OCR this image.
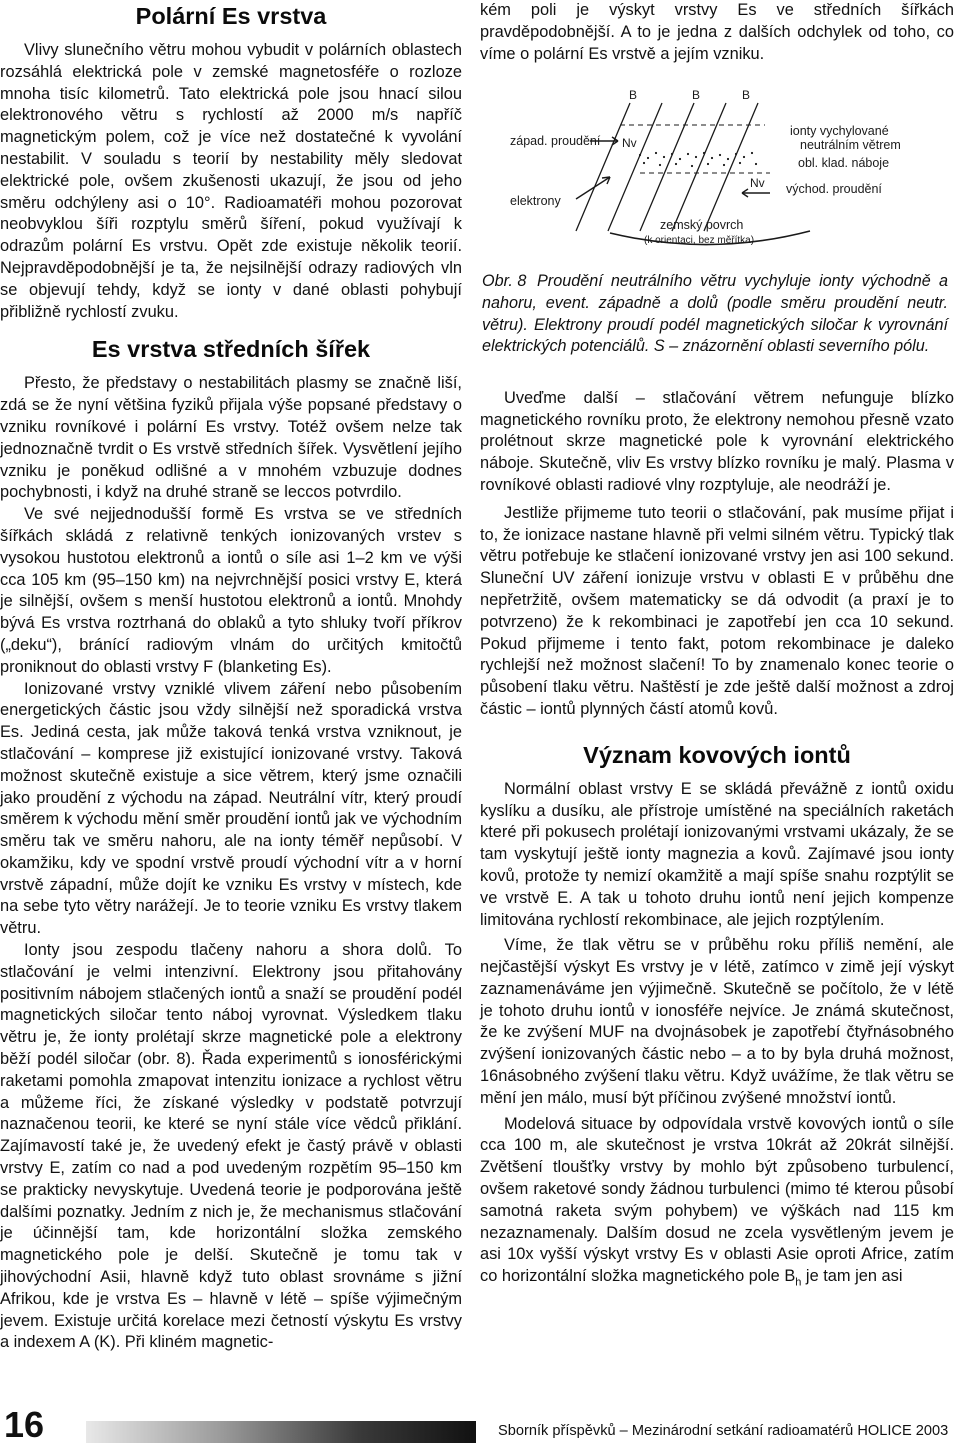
Polární Es vrstva

Vlivy slunečního větru mohou vybudit v polárních oblastech rozsáhlá elektrická pole v zemské magnetosféře o rozloze mnoha tisíc kilometrů. Tato elektrická pole jsou hnací silou elektronového větru s rychlostí až 2000 m/s napříč magnetickým polem, což je více než dostatečné k vyvolání nestabilit. V souladu s teorií by nestability měly sledovat elektrické pole, ovšem zkušenosti ukazují, že jsou od jeho směru odchýleny asi o 10°. Radioamatéři mohou pozorovat neobvyklou šíři rozptylu směrů šíření, pokud využívají k odrazům polární Es vrstvu. Opět zde existuje několik teorií. Nejpravděpodobnější je ta, že nejsilnější odrazy radiových vln se objevují tehdy, když se ionty v dané oblasti pohybují přibližně rychlostí zvuku.

Es vrstva středních šířek

Přesto, že představy o nestabilitách plasmy se značně liší, zdá se že nyní většina fyziků přijala výše popsané představy o vzniku rovníkové i polární Es vrstvy. Totéž ovšem nelze tak jednoznačně tvrdit o Es vrstvě středních šířek. Vysvětlení jejího vzniku je poněkud odlišné a v mnohém vzbuzuje dodnes pochybnosti, i když na druhé straně se leccos potvrdilo.

Ve své nejjednodušší formě Es vrstva se ve středních šířkách skládá z relativně tenkých ionizovaných vrstev s vysokou hustotou elektronů a iontů o síle asi 1–2 km ve výši cca 105 km (95–150 km) na nejvrchnější posici vrstvy E, která je silnější, ovšem s menší hustotou elektronů a iontů. Mnohdy bývá Es vrstva roztrhaná do oblaků a tyto shluky tvoří příkrov („deku“), bránící radiovým vlnám do určitých kmitočtů proniknout do oblasti vrstvy F (blanketing Es).

Ionizované vrstvy vzniklé vlivem záření nebo působením energetických částic jsou vždy silnější než sporadická vrstva Es. Jediná cesta, jak může taková tenká vrstva vzniknout, je stlačování – komprese již existující ionizované vrstvy. Taková možnost skutečně existuje a sice větrem, který jsme označili jako proudění z východu na západ. Neutrální vítr, který proudí směrem k východu mění směr proudění iontů jak ve východním směru tak ve směru nahoru, ale na ionty téměř nepůsobí. V okamžiku, kdy ve spodní vrstvě proudí východní vítr a v horní vrstvě západní, může dojít ke vzniku Es vrstvy v místech, kde na sebe tyto větry narážejí. Je to teorie vzniku Es vrstvy tlakem větru.

Ionty jsou zespodu tlačeny nahoru a shora dolů. To stlačování je velmi intenzivní. Elektrony jsou přitahovány positivním nábojem stlačených iontů a snaží se proudění podél magnetických siločar tento náboj vyrovnat. Výsledkem tlaku větru je, že ionty prolétají skrze magnetické pole a elektrony běží podél siločar (obr. 8). Řada experimentů s ionosférickými raketami pomohla zmapovat intenzitu ionizace a rychlost větru a můžeme říci, že získané výsledky v podstatě potvrzují naznačenou teorii, ke které se nyní stále více vědců přiklání. Zajímavostí také je, že uvedený efekt je častý právě v oblasti vrstvy E, zatím co nad a pod uvedeným rozpětím 95–150 km se prakticky nevyskytuje. Uvedená teorie je podporována ještě dalšími poznatky. Jedním z nich je, že mechanismus stlačování je účinnější tam, kde horizontální složka zemského magnetického pole je delší. Skutečně je tomu tak v jihovýchodní Asii, hlavně když tuto oblast srovnáme s jižní Afrikou, kde je vrstva Es – hlavně v létě – spíše výjimečným jevem. Existuje určitá korelace mezi četností výskytu Es vrstvy a indexem A (K). Při kliném magnetic-

kém poli je výskyt vrstvy Es ve středních šířkách pravděpodobnější. A to je jedna z dalších odchylek od toho, co víme o polární Es vrstvě a jejím vzniku.

B	B	B
západ. proudění Nv
ionty vychylované
neutrálním větrem
obl. klad. náboje
elektrony
Nv východ. proudění
zemský povrch
(k orientaci, bez měřítka)

Obr. 8 Proudění neutrálního větru vychyluje ionty východně a nahoru, event. západně a dolů (podle směru proudění neutr. větru). Elektrony proudí podél magnetických siločar k vyrovnání elektrických potenciálů. S – znázornění oblasti severního pólu.

Uveďme další – stlačování větrem nefunguje blízko magnetického rovníku proto, že elektrony nemohou přesně vzato prolétnout skrze magnetické pole k vyrovnání elektrického náboje. Skutečně, vliv Es vrstvy blízko rovníku je malý. Plasma v rovníkové oblasti radiové vlny rozptyluje, ale neodráží je.

Jestliže přijmeme tuto teorii o stlačování, pak musíme přijat i to, že ionizace nastane hlavně při velmi silném větru. Typický tlak větru potřebuje ke stlačení ionizované vrstvy jen asi 100 sekund. Sluneční UV záření ionizuje vrstvu v oblasti E v průběhu dne nepřetržitě, ovšem matematicky se dá odvodit (a praxí je to potvrzeno) že k rekombinaci je zapotřebí jen cca 10 sekund. Pokud přijmeme i tento fakt, potom rekombinace je daleko rychlejší než možnost slačení! To by znamenalo konec teorie o působení tlaku větru. Naštěstí je zde ještě další možnost a zdroj částic – iontů plynných částí atomů kovů.

Význam kovových iontů

Normální oblast vrstvy E se skládá převážně z iontů oxidu kyslíku a dusíku, ale přístroje umístěné na speciálních raketách které při pokusech prolétají ionizovanými vrstvami ukázaly, že se tam vyskytují ještě ionty magnezia a kovů. Zajímavé jsou ionty kovů, protože ty nemizí okamžitě a mají spíše snahu rozptýlit se ve vrstvě E. A tak u tohoto druhu iontů není jejich kompenze limitována rychlostí rekombinace, ale jejich rozptýlením.

Víme, že tlak větru se v průběhu roku příliš nemění, ale nejčastější výskyt Es vrstvy je v létě, zatímco v zimě její výskyt zaznamenáváme jen výjimečně. Skutečně se počítolo, že v létě je tohoto druhu iontů v ionosféře nejvíce. Je známá skutečnost, že ke zvýšení MUF na dvojnásobek je zapotřebí čtyřnásobného zvýšení ionizovaných částic nebo – a to by byla druhá možnost, 16násobného zvýšení tlaku větru. Když uvážíme, že tlak větru se mění jen málo, musí být příčinou zvýšené množství iontů.

Modelová situace by odpovídala vrstvě kovových iontů o síle cca 100 m, ale skutečnost je vrstva 10krát až 20krát silnější. Zvětšení tloušťky vrstvy by mohlo být způsobeno turbulencí, ovšem raketové sondy žádnou turbulenci (mimo té kterou působí samotná raketa svým pohybem) ve výškách nad 115 km nezaznamenaly. Dalším dosud ne zcela vysvětleným jevem je asi 10x vyšší výskyt vrstvy Es v oblasti Asie oproti Africe, zatím co horizontální složka magnetického pole $B_h$ je tam jen asi

16	Sborník příspěvků – Mezinárodní setkání radioamatérů HOLICE 2003
